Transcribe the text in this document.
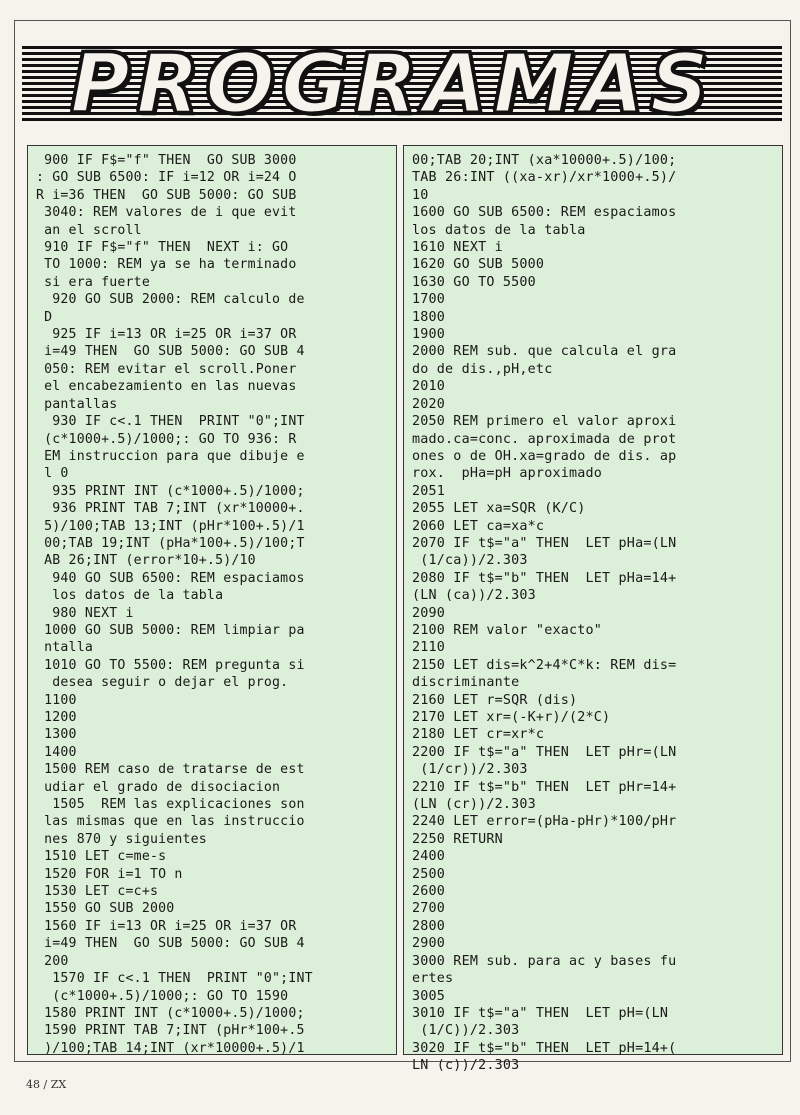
PROGRAMAS
900 IF F$="f" THEN  GO SUB 3000
: GO SUB 6500: IF i=12 OR i=24 O
R i=36 THEN  GO SUB 5000: GO SUB
3040: REM valores de i que evit
an el scroll
910 IF F$="f" THEN  NEXT i: GO
TO 1000: REM ya se ha terminado
si era fuerte
920 GO SUB 2000: REM calculo de
D
925 IF i=13 OR i=25 OR i=37 OR
i=49 THEN  GO SUB 5000: GO SUB 4
050: REM evitar el scroll.Poner
el encabezamiento en las nuevas
pantallas
930 IF c<.1 THEN  PRINT "0";INT
(c*1000+.5)/1000;: GO TO 936: R
EM instruccion para que dibuje e
l 0
935 PRINT INT (c*1000+.5)/1000;
936 PRINT TAB 7;INT (xr*10000+.
5)/100;TAB 13;INT (pHr*100+.5)/1
00;TAB 19;INT (pHa*100+.5)/100;T
AB 26;INT (error*10+.5)/10
940 GO SUB 6500: REM espaciamos
los datos de la tabla
980 NEXT i
1000 GO SUB 5000: REM limpiar pa
ntalla
1010 GO TO 5500: REM pregunta si
desea seguir o dejar el prog.
1100
1200
1300
1400
1500 REM caso de tratarse de est
udiar el grado de disociacion
1505  REM las explicaciones son
las mismas que en las instruccio
nes 870 y siguientes
1510 LET c=me-s
1520 FOR i=1 TO n
1530 LET c=c+s
1550 GO SUB 2000
1560 IF i=13 OR i=25 OR i=37 OR
i=49 THEN  GO SUB 5000: GO SUB 4
200
1570 IF c<.1 THEN  PRINT "0";INT
(c*1000+.5)/1000;: GO TO 1590
1580 PRINT INT (c*1000+.5)/1000;
1590 PRINT TAB 7;INT (pHr*100+.5
)/100;TAB 14;INT (xr*10000+.5)/1
00;TAB 20;INT (xa*10000+.5)/100;
TAB 26:INT ((xa-xr)/xr*1000+.5)/
10
1600 GO SUB 6500: REM espaciamos
los datos de la tabla
1610 NEXT i
1620 GO SUB 5000
1630 GO TO 5500
1700
1800
1900
2000 REM sub. que calcula el gra
do de dis.,pH,etc
2010
2020
2050 REM primero el valor aproxi
mado.ca=conc. aproximada de prot
ones o de OH.xa=grado de dis. ap
rox.  pHa=pH aproximado
2051
2055 LET xa=SQR (K/C)
2060 LET ca=xa*c
2070 IF t$="a" THEN  LET pHa=(LN
(1/ca))/2.303
2080 IF t$="b" THEN  LET pHa=14+
(LN (ca))/2.303
2090
2100 REM valor "exacto"
2110
2150 LET dis=k^2+4*C*k: REM dis=
discriminante
2160 LET r=SQR (dis)
2170 LET xr=(-K+r)/(2*C)
2180 LET cr=xr*c
2200 IF t$="a" THEN  LET pHr=(LN
(1/cr))/2.303
2210 IF t$="b" THEN  LET pHr=14+
(LN (cr))/2.303
2240 LET error=(pHa-pHr)*100/pHr
2250 RETURN
2400
2500
2600
2700
2800
2900
3000 REM sub. para ac y bases fu
ertes
3005
3010 IF t$="a" THEN  LET pH=(LN
(1/C))/2.303
3020 IF t$="b" THEN  LET pH=14+(
LN (c))/2.303
48 / ZX
